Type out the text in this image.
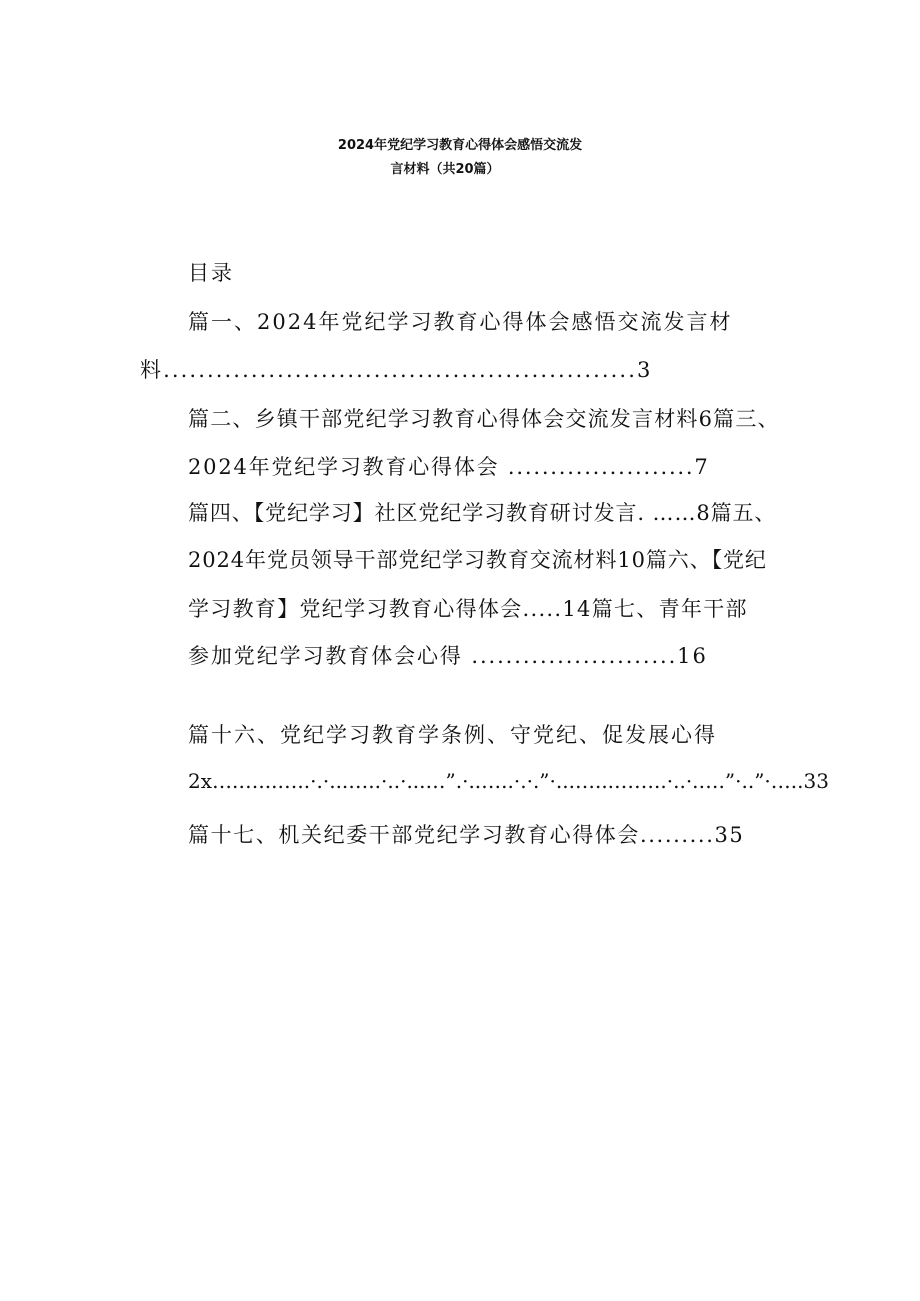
2024年党纪学习教育心得体会感悟交流发
言材料（共20篇）
目录
篇一、2024年党纪学习教育心得体会感悟交流发言材
料......................................................3
篇二、乡镇干部党纪学习教育心得体会交流发言材料6篇三、
2024年党纪学习教育心得体会 ......................7
篇四、【党纪学习】社区党纪学习教育研讨发言. ……8篇五、
2024年党员领导干部党纪学习教育交流材料10篇六、【党纪
学习教育】党纪学习教育心得体会.....14篇七、青年干部
参加党纪学习教育体会心得 ........................16
篇十六、党纪学习教育学条例、守党纪、促发展心得
2x….…...…..·.·...…..·..·...…”.·..…..·.·.”·...…...……..·..·.….”·..”·…..33
篇十七、机关纪委干部党纪学习教育心得体会.........35
